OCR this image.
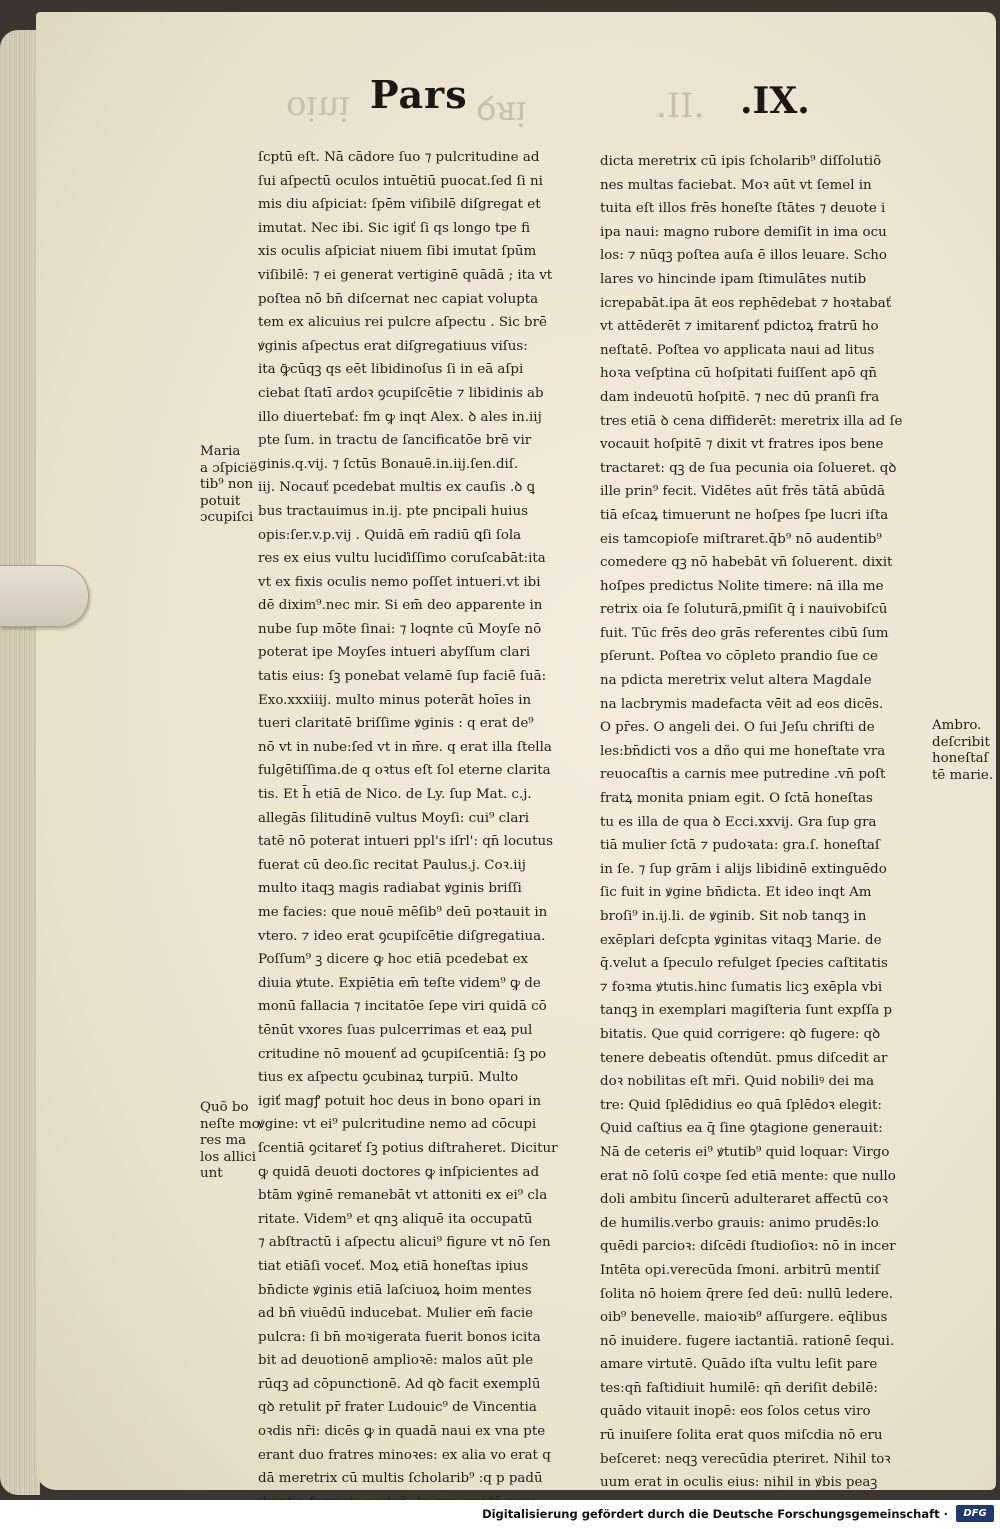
ᴉuᴉo	ᴉʁꝺ	.II.
Pars	.IX.
ſcptū eſt. Nā cādore ſuo ⁊ pulcritudine ad
ſui aſpectū oculos intuētiū puocat.ſed ſi ni
mis diu aſpiciat: ſpēm viſibilē diſgregat et
imutat. Nec ibi. Sic igiť ſi qs longo tpe fi
xis oculis aſpiciat niuem ſibi imutat ſpūm
viſibilē: ⁊ ei generat vertiginē quādā ; ita vt
poſtea nō bn̄ diſcernat nec capiat volupta
tem ex alicuius rei pulcre aſpectu . Sic brē
ꝟginis aſpectus erat diſgregatiuus viſus:
ita ꝙ̄cūqꝫ qs eēt libidinoſus ſi in eā aſpi
ciebat ſtatī ardoꝛ ꝯcupiſcētie ⁊ libidinis ab
illo diuertebať: fm ꝙ inqt Alex. ꝺ ales in.iij
pte ſum. in tractu de ſancificatōe brē vir
ginis.q.vij. ⁊ ſctūs Bonauē.in.iij.ſen.diſ.
iij. Nocauť pcedebat multis ex cauſis .ꝺ ꝗ
bus tractauimus in.ij. pte pncipali huius
opis:ſer.v.p.vij . Quidā em̄ radiū ꝗſi ſola
res ex eius vultu luciďiſſimo coruſcabāt:ita
vt ex fixis oculis nemo poſſet intueri.vt ibi
dē dixim⁹.nec mir. Si em̄ deo apparente in
nube ſup mōte ſinai: ⁊ loqnte cū Moyſe nō
poterat ipe Moyſes intueri abyſſum clari
tatis eius: ſꝫ ponebat velamē ſup faciē ſuā:
Exo.xxxiiij. multo minus poterāt hoīes in
tueri claritatē briſſime ꝟginis : q erat de⁹
nō vt in nube:ſed vt in m̄re. q erat illa ſtella
fulgētiſſima.de q oꝛtus eſt ſol eterne clarita
tis. Et h̄ etiā de Nico. de Ly. ſup Mat. c.j.
allegās ſilitudinē vultus Moyſi: cui⁹ clari
tatē nō poterat intueri ppl's iſrl': qn̄ locutus
fuerat cū deo.ſic recitat Paulus.j. Coꝛ.iij
multo itaqꝫ magis radiabat ꝟginis briſſi
me facies: que nouē mēſib⁹ deū poꝛtauit in
vtero. ⁊ ideo erat ꝯcupiſcētie diſgregatiua.
Poſſum⁹ ꝫ dicere ꝙ hoc etiā pcedebat ex
diuia ꝟtute. Expiētia em̄ teſte videm⁹ ꝙ de
monū fallacia ⁊ incitatōe ſepe viri quidā cō
tēnūt vxores ſuas pulcerrimas et eaꝝ pul
critudine nō mouenť ad ꝯcupiſcentiā: ſꝫ po
tius ex aſpectu ꝯcubinaꝝ turpiū. Multo
igiť magꝭ potuit hoc deus in bono opari in
ꝟgine: vt ei⁹ pulcritudine nemo ad cōcupi
ſcentiā ꝯcitareť ſꝫ potius diſtraheret. Dicitur
ꝙ quidā deuoti doctores ꝙ inſpicientes ad
btām ꝟginē remanebāt vt attoniti ex ei⁹ cla
ritate. Videm⁹ et qnꝫ aliquē ita occupatū
⁊ abſtractū i aſpectu alicui⁹ figure vt nō ſen
tiat etiāſi voceť. Moꝝ etiā honeſtas ipius
bn̄dicte ꝟginis etiā laſciuoꝝ hoim mentes
ad bn̄ viuēdū inducebat. Mulier em̄ facie
pulcra: ſi bn̄ moꝛigerata fuerit bonos icita
bit ad deuotionē amplioꝛē: malos aūt ple
rūqꝫ ad cōpunctionē. Ad qꝺ facit exemplū
qꝺ retulit pr̄ frater Ludouic⁹ de Vincentia
oꝛdis nr̄i: dicēs ꝙ in quadā naui ex vna pte
erant duo fratres minoꝛes: ex alia vo erat q
dā meretrix cū multis ſcholarib⁹ :q p padū
dicta meretrix cū ipis ſcholarib⁹ diſſolutiõ
nes multas faciebat. Moꝛ aūt vt ſemel in
tuita eſt illos frēs honeſte ſtātes ⁊ deuote i
ipa naui: magno rubore demiſit in ima ocu
los: ⁊ nūqꝫ poſtea auſa ē illos leuare. Scho
lares vo hincinde ipam ſtimulātes nutib
icrepabāt.ipa āt eos rephēdebat ⁊ hoꝛtabať
vt attēderēt ⁊ imitarenť pdictoꝝ fratrū ho
neſtatē. Poſtea vo applicata naui ad litus
hoꝛa veſptina cū hoſpitati fuiſſent apō qn̄
dam indeuotū hoſpitē. ⁊ nec dū pranſi fra
tres etiā ꝺ cena diffiderēt: meretrix illa ad ſe
vocauit hoſpitē ⁊ dixit vt fratres ipos bene
tractaret: qꝫ de ſua pecunia oia ſolueret. qꝺ
ille prin⁹ fecit. Vidētes aūt frēs tātā abūdā
tiā eſcaꝝ timuerunt ne hoſpes ſpe lucri iſta
eis tamcopioſe miſtraret.q̄b⁹ nō audentib⁹
comedere qꝫ nō habebāt vn̄ ſoluerent. dixit
hoſpes predictus Nolite timere: nā illa me
retrix oia ſe ſoluturā,pmiſit q̄ i nauivobiſcū
fuit. Tūc frēs deo grās referentes cibū ſum
pſerunt. Poſtea vo cōpleto prandio ſue ce
na pdicta meretrix velut altera Magdale
na lacbrymis madefacta vēit ad eos dicēs.
O pr̄es. O angeli dei. O ſui Jeſu chriſti de
les:bn̄dicti vos a dño qui me honeſtate vra
reuocaſtis a carnis mee putredine .vn̄ poſt
fratꝝ monita pniam egit. O ſctā honeſtas
tu es illa de qua ꝺ Ecci.xxvij. Gra ſup gra
tiā mulier ſctā ⁊ pudoꝛata: gra.ſ. honeſtaſ
in ſe. ⁊ ſup grām i alijs libidinē extinguēdo
ſic fuit in ꝟgine bn̄dicta. Et ideo inqt Am
broſi⁹ in.ij.li. de ꝟginib. Sit nob tanqꝫ in
exēplari deſcpta ꝟginitas vitaqꝫ Marie. de
q̄.velut a ſpeculo refulget ſpecies caſtitatis
⁊ foꝛma ꝟtutis.hinc ſumatis licꝫ exēpla vbi
tanqꝫ in exemplari magiſteria ſunt expſſa p
bitatis. Que quid corrigere: qꝺ fugere: qꝺ
tenere debeatis oſtendūt. pmus diſcedit ar
doꝛ nobilitas eſt mr̄i. Quid nobiliꝰ dei ma
tre: Quid ſplēdidius eo quā ſplēdoꝛ elegit:
Quid caſtius ea q̄ ſine ꝯtagione generauit:
Nā de ceteris ei⁹ ꝟtutib⁹ quid loquar: Virgo
erat nō ſolū coꝛpe ſed etiā mente: que nullo
doli ambitu ſincerū adulteraret affectū coꝛ
de humilis.verbo grauis: animo prudēs:lo
quēdi parcioꝛ: diſcēdi ſtudioſioꝛ: nō in incer
Intēta opi.verecūda ſmoni. arbitrū mentiſ
ſolita nō hoiem q̄rere ſed deū: nullū ledere.
oib⁹ benevelle. maioꝛib⁹ aſſurgere. eq̄libus
nō inuidere. fugere iactantiā. rationē ſequi.
amare virtutē. Quādo iſta vultu leſit pare
tes:qn̄ faſtidiuit humilē: qn̄ deriſit debilē:
quādo vitauit inopē: eos ſolos cetus viro
rū inuiſere ſolita erat quos miſcdia nō eru
beſceret: neqꝫ verecūdia pteriret. Nihil toꝛ
uum erat in oculis eius: nihil in ꝟbis peaꝫ
Maria
a ɔſpicië
tib⁹ non
potuit
ɔcupiſci
Ambro.
deſcribit
honeſtaſ
tē marie.
Quõ bo
neſte mo
res ma
los allici
unt
Digitalisierung gefördert durch die Deutsche Forschungsgemeinschaft ·	DFG
